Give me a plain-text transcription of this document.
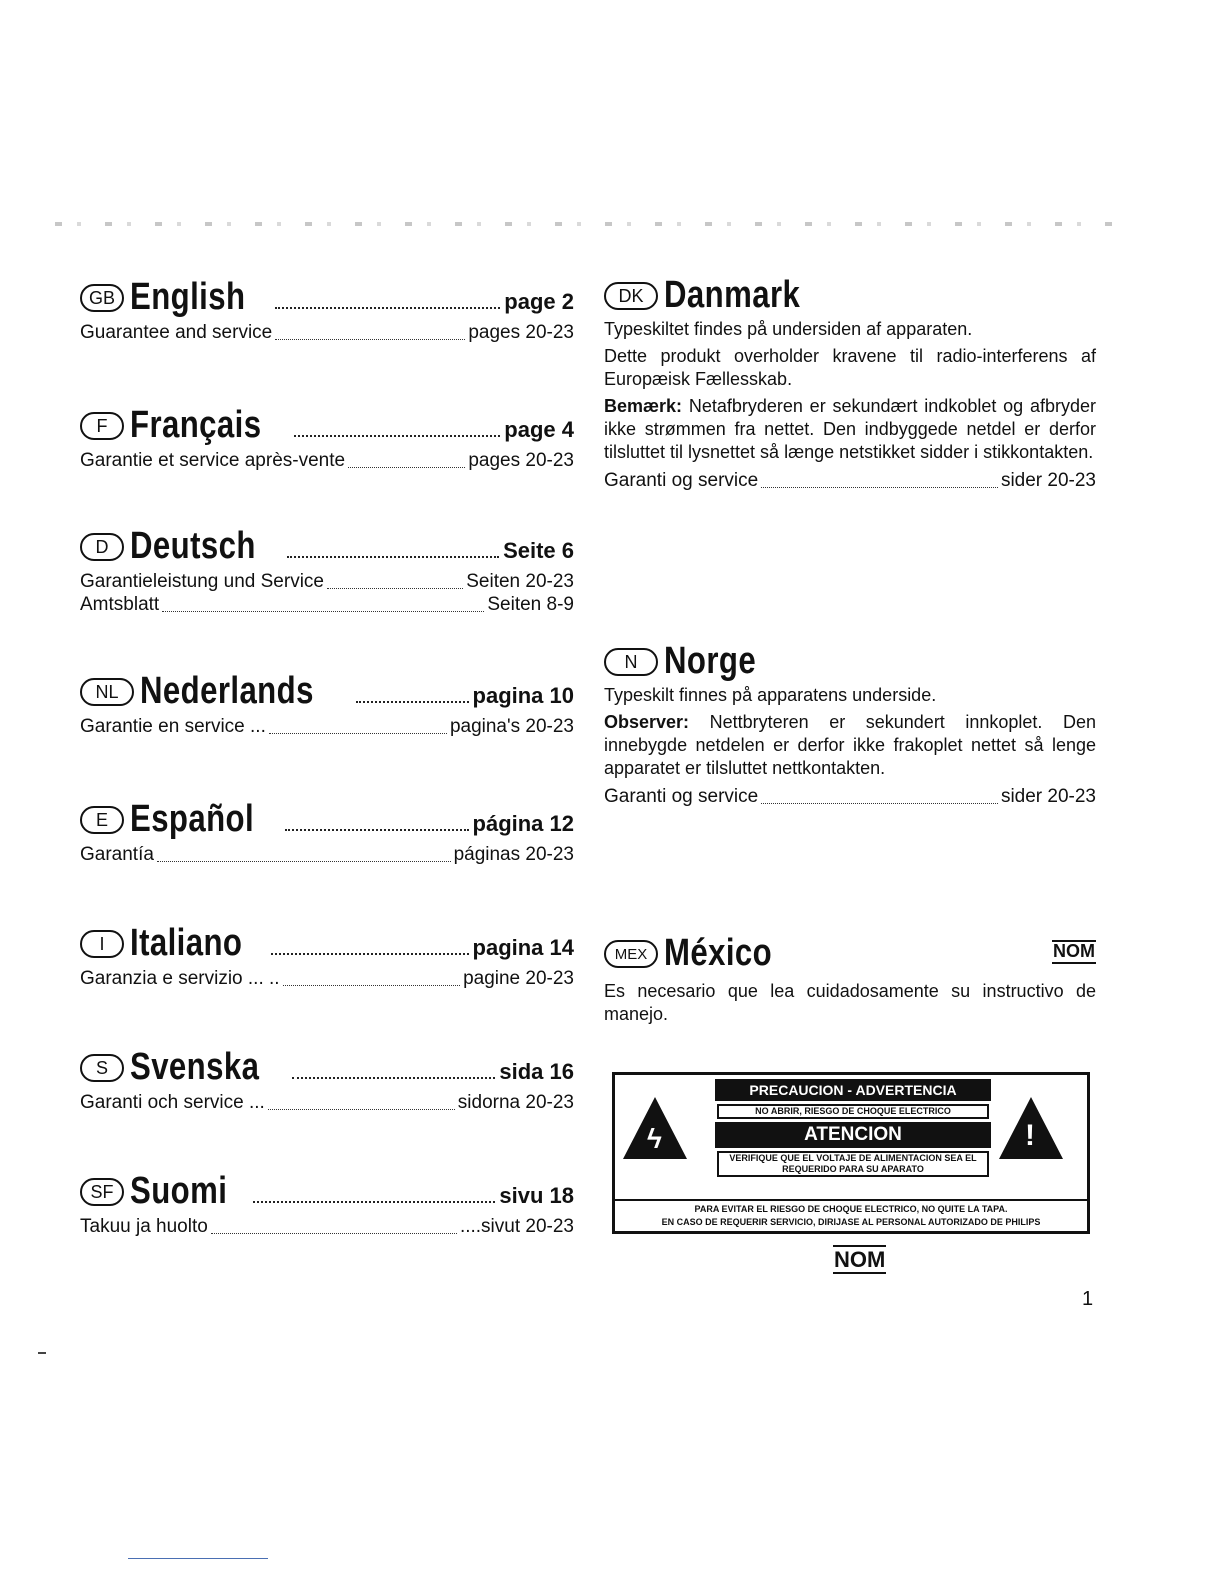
GB English	page 2
Guarantee and service	pages 20-23
F Français	page 4
Garantie et service après-vente	pages 20-23
D Deutsch	Seite 6
Garantieleistung und Service	Seiten 20-23
Amtsblatt	Seiten 8-9
NL Nederlands	pagina 10
Garantie en service ...	pagina's 20-23
E Español	página 12
Garantía	páginas 20-23
I Italiano	pagina 14
Garanzia e servizio ... ..	pagine 20-23
S Svenska	sida 16
Garanti och service ...	sidorna 20-23
SF Suomi	sivu 18
Takuu ja huolto	....sivut 20-23
DK Danmark
Typeskiltet findes på undersiden af apparaten.
Dette produkt overholder kravene til radio-interferens af Europæisk Fællesskab.
Bemærk: Netafbryderen er sekundært indkoblet og afbryder ikke strømmen fra nettet. Den indbyggede netdel er derfor tilsluttet til lysnettet så længe netstikket sidder i stikkontakten.
Garanti og service	sider 20-23
N Norge
Typeskilt finnes på apparatens underside.
Observer: Nettbryteren er sekundert innkoplet. Den innebygde netdelen er derfor ikke frakoplet nettet så lenge apparatet er tilsluttet nettkontakten.
Garanti og service	sider 20-23
MEX México	NOM
Es necesario que lea cuidadosamente su instructivo de manejo.
ϟ	!
PRECAUCION - ADVERTENCIA
NO ABRIR, RIESGO DE CHOQUE ELECTRICO
ATENCION
VERIFIQUE QUE EL VOLTAJE DE ALIMENTACION SEA EL REQUERIDO PARA SU APARATO
PARA EVITAR EL RIESGO DE CHOQUE ELECTRICO, NO QUITE LA TAPA.
EN CASO DE REQUERIR SERVICIO, DIRIJASE AL PERSONAL AUTORIZADO DE PHILIPS
NOM
1
